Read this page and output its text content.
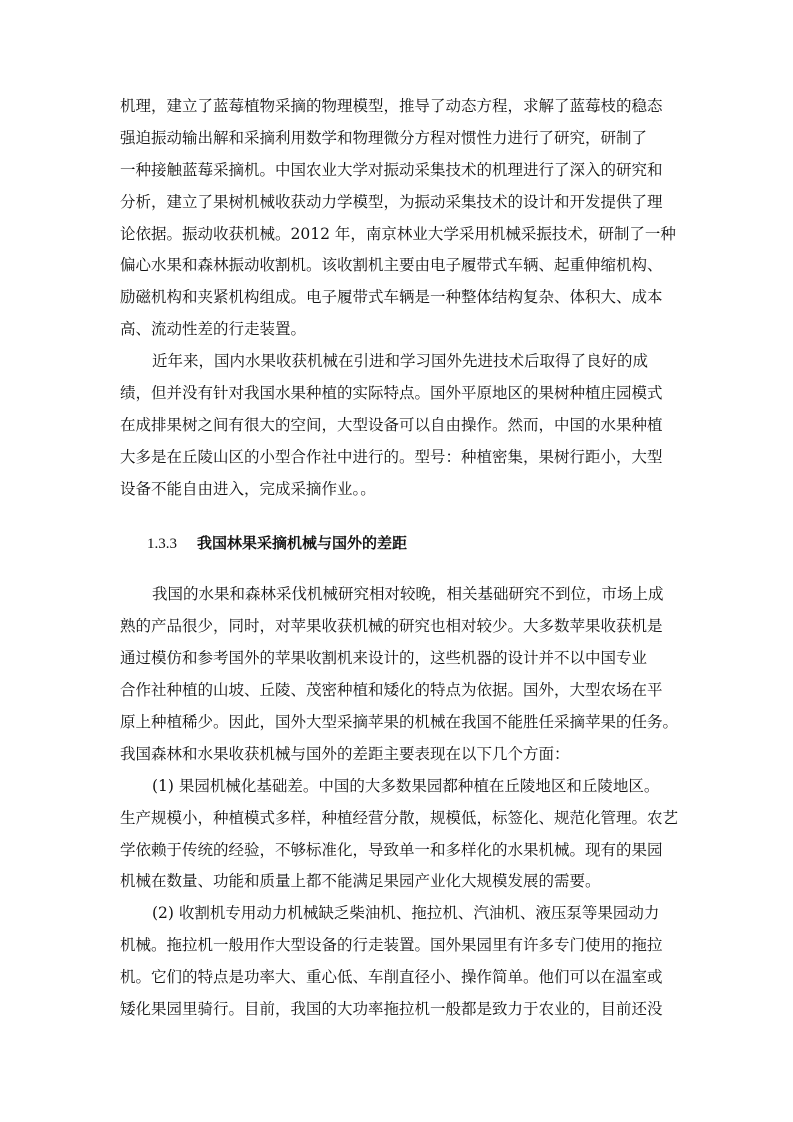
机理，建立了蓝莓植物采摘的物理模型，推导了动态方程，求解了蓝莓枝的稳态
强迫振动输出解和采摘利用数学和物理微分方程对惯性力进行了研究，研制了
一种接触蓝莓采摘机。中国农业大学对振动采集技术的机理进行了深入的研究和
分析，建立了果树机械收获动力学模型，为振动采集技术的设计和开发提供了理
论依据。振动收获机械。2012 年，南京林业大学采用机械采振技术，研制了一种
偏心水果和森林振动收割机。该收割机主要由电子履带式车辆、起重伸缩机构、
励磁机构和夹紧机构组成。电子履带式车辆是一种整体结构复杂、体积大、成本
高、流动性差的行走装置。

近年来，国内水果收获机械在引进和学习国外先进技术后取得了良好的成
绩，但并没有针对我国水果种植的实际特点。国外平原地区的果树种植庄园模式
在成排果树之间有很大的空间，大型设备可以自由操作。然而，中国的水果种植
大多是在丘陵山区的小型合作社中进行的。型号：种植密集，果树行距小，大型
设备不能自由进入，完成采摘作业。。

1.3.3 我国林果采摘机械与国外的差距

我国的水果和森林采伐机械研究相对较晚，相关基础研究不到位，市场上成
熟的产品很少，同时，对苹果收获机械的研究也相对较少。大多数苹果收获机是
通过模仿和参考国外的苹果收割机来设计的，这些机器的设计并不以中国专业
合作社种植的山坡、丘陵、茂密种植和矮化的特点为依据。国外，大型农场在平
原上种植稀少。因此，国外大型采摘苹果的机械在我国不能胜任采摘苹果的任务。
我国森林和水果收获机械与国外的差距主要表现在以下几个方面：

(1) 果园机械化基础差。中国的大多数果园都种植在丘陵地区和丘陵地区。
生产规模小，种植模式多样，种植经营分散，规模低，标签化、规范化管理。农艺
学依赖于传统的经验，不够标准化，导致单一和多样化的水果机械。现有的果园
机械在数量、功能和质量上都不能满足果园产业化大规模发展的需要。

(2) 收割机专用动力机械缺乏柴油机、拖拉机、汽油机、液压泵等果园动力
机械。拖拉机一般用作大型设备的行走装置。国外果园里有许多专门使用的拖拉
机。它们的特点是功率大、重心低、车削直径小、操作简单。他们可以在温室或
矮化果园里骑行。目前，我国的大功率拖拉机一般都是致力于农业的，目前还没
